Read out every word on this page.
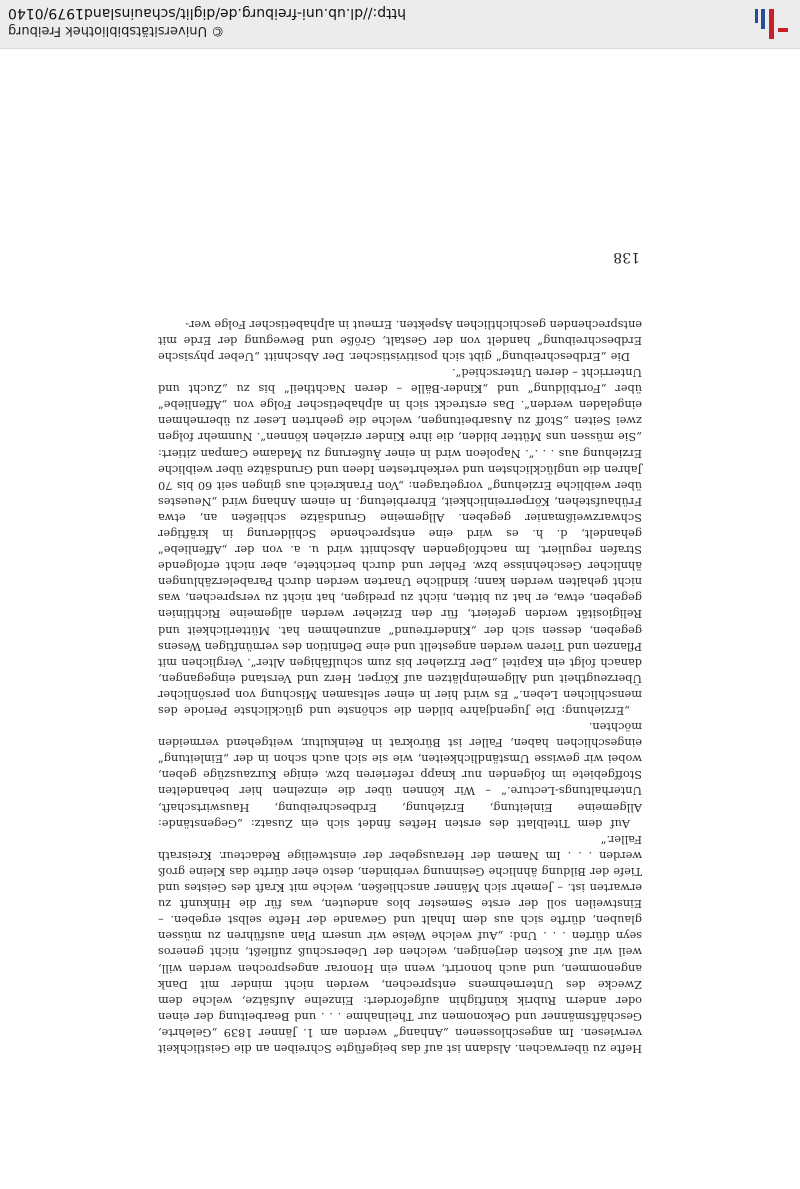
Hefte zu überwachen. Alsdann ist auf das beigefügte Schreiben an die Geistlichkeit verwiesen. Im angeschlossenen „Anhang“ werden am 1. Jänner 1839 „Gelehrte, Geschäftsmänner und Oekonomen zur Theilnahme . . . und Bearbeitung der einen oder andern Rubrik künftighin aufgefordert: Einzelne Aufsätze, welche dem Zwecke des Unternehmens entsprechen, werden nicht minder mit Dank angenommen, und auch honorirt, wenn ein Honorar angesprochen werden will, weil wir auf Kosten derjenigen, welchen der Ueberschuß zufließt, nicht generos seyn dürfen . . . Und: „Auf welche Weise wir unsern Plan ausführen zu müssen glauben, dürfte sich aus dem Inhalt und Gewande der Hefte selbst ergeben. – Einstweilen soll der erste Semester blos andeuten, was für die Hinkunft zu erwarten ist. – Jemehr sich Männer anschließen, welche mit Kraft des Geistes und Tiefe der Bildung ähnliche Gesinnung verbinden, desto eher dürfte das Kleine groß werden . . . Im Namen der Herausgeber der einstweilige Redacteur. Kreisrath Faller.“

Auf dem Titelblatt des ersten Heftes findet sich ein Zusatz: „Gegenstände: Allgemeine Einleitung, Erziehung, Erdbeschreibung, Hauswirtschaft, Unterhaltungs-Lecture.“ – Wir können über die einzelnen hier behandelten Stoffgebiete im folgenden nur knapp referieren bzw. einige Kurzauszüge geben, wobei wir gewisse Umständlichkeiten, wie sie sich auch schon in der „Einleitung“ eingeschlichen haben, Faller ist Bürokrat in Reinkultur, weitgehend vermeiden möchten.

„Erziehung: Die Jugendjahre bilden die schönste und glücklichste Periode des menschlichen Leben.“ Es wird hier in einer seltsamen Mischung von persönlicher Überzeugtheit und Allgemeinplätzen auf Körper, Herz und Verstand eingegangen, danach folgt ein Kapitel „Der Erzieher bis zum schulfähigen Alter“. Verglichen mit Pflanzen und Tieren werden angestellt und eine Definition des vernünftigen Wesens gegeben, dessen sich der „Kinderfreund“ anzunehmen hat. Mütterlichkeit und Religiosität werden gefeiert, für den Erzieher werden allgemeine Richtlinien gegeben, etwa, er hat zu bitten, nicht zu predigen, hat nicht zu versprechen, was nicht gehalten werden kann; kindliche Unarten werden durch Parabelerzählungen ähnlicher Geschehnisse bzw. Fehler und durch berichtete, aber nicht erfolgende Strafen reguliert. Im nachfolgenden Abschnitt wird u. a. von der „Affenliebe“ gehandelt, d. h. es wird eine entsprechende Schilderung in kräftiger Schwarzweißmanier gegeben. Allgemeine Grundsätze schließen an, etwa Frühaufstehen, Körperreinlichkeit, Ehrerbietung. In einem Anhang wird „Neuestes über weibliche Erziehung“ vorgetragen: „Von Frankreich aus gingen seit 60 bis 70 Jahren die unglücklichsten und verkehrtesten Ideen und Grundsätze über weibliche Erziehung aus . . .“. Napoleon wird in einer Äußerung zu Madame Campan zitiert: „Sie müssen uns Mütter bilden, die ihre Kinder erziehen können“. Nunmehr folgen zwei Seiten „Stoff zu Ausarbeitungen, welche die geehrten Leser zu übernehmen eingeladen werden“. Das erstreckt sich in alphabetischer Folge von „Affenliebe“ über „Fortbildung“ und „Kinder-Bälle – deren Nachtheil“ bis zu „Zucht und Unterricht – deren Unterschied“.

Die „Erdbeschreibung“ gibt sich positivistischer. Der Abschnitt „Ueber physische Erdbeschreibung“ handelt von der Gestalt, Größe und Bewegung der Erde mit entsprechenden geschichtlichen Aspekten. Erneut in alphabetischer Folge wer-

138
© Universitätsbibliothek Freiburg
http://dl.ub.uni-freiburg.de/diglit/schauinsland1979/0140
